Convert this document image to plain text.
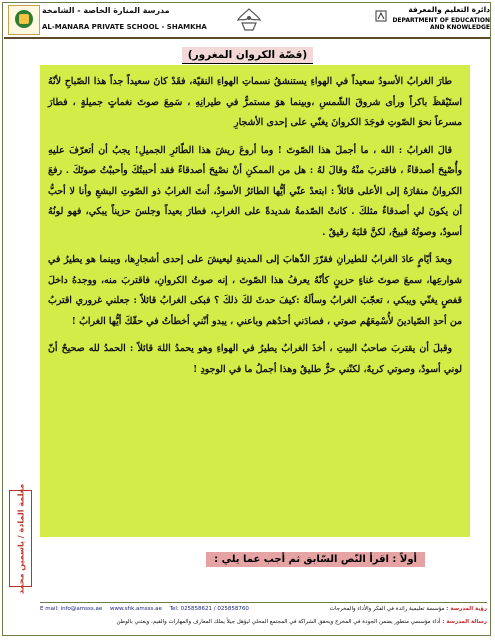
مدرسة المنارة الخاصة - الشامخة
AL-MANARA PRIVATE SCHOOL - SHAMKHA
دائرة التعليم والمعرفة
DEPARTMENT OF EDUCATION
AND KNOWLEDGE
(قصّة الكروان المغرور)

طارَ الغرابُ الأسودُ سعيداً في الهواءِ يستنشقُ نسماتِ الهواءِ النقيّة، فقَدْ كانَ سعيداً جداً هذا الصّباحِ لأنّهُ استَيْقظَ باكراً ورأى شروقَ الشّمسِ ،وبينما هوَ مستمرٌّ في طيرانِهِ ، سَمِعَ صوتَ نغماتٍ جميلةٍ ، فطارَ مسرعاً نحوَ الصّوتِ فوجَدَ الكروانَ يغنّي على إحدى الأشجارِ

قالَ الغرابُ : الله ، ما أجملَ هذا الصّوتَ ! وما أروعَ ريشَ هذا الطّائرِ الجميلِ! يجبُ أن أتعرّفَ عليهِ وأُصْبِحَ أصدقاءً ، فاقتربَ منْهُ وقالَ لهُ : هل من الممكنِ أنْ نصْبِحَ أصدقاءً فقد أحببتُكَ وأحببْتُ صوتَكَ . رفعَ الكروانُ منقارَهُ إلى الأعلى قائلاً : ابتعدْ عنّي أيُّها الطائرُ الأسودُ، أنتَ الغرابُ ذو الصّوتِ البشعِ وأنا لا أحبُّ أن يكونَ لي أصدقاءٌ مثلكَ . كانتْ الصّدمةُ شديدةً على الغرابِ، فطارَ بعيداً وجلسَ حزيناً يبكي، فهو لونُهُ أسودٌ، وصوتُهُ قبيحٌ، لكنَّ قلبَهُ رقيقٌ .

وبعدَ أيّامٍ عادَ الغرابُ للطيرانِ فقرّرَ الذّهابَ إلى المدينةِ ليعيشَ على إحدى أشجارِها، وبينما هو يطيرُ في شوارعِها، سمعَ صوتَ غناءٍ حزينٍ كأنّهُ يعرفُ هذا الصّوتَ ، إنه صوتُ الكروانِ، فاقتربَ منه، ووجدهُ داخلَ قفصٍ يغنّي ويبكي ، تعجّبَ الغرابُ وسألَهُ :كيفَ حدثَ لكَ ذلكَ ؟ فبكى الغرابُ قائلاً : جعلني غروري اقتربُ من أحدِ الصّيادينَ لأُسْمِعَهُم صوتي ، فصادَني أحدُهم وباعني ، يبدو أنّني أخطأتُ في حقّكَ أيُّها الغرابُ !

وقبلَ أن يقتربَ صاحبُ البيتِ ، أخذَ الغرابُ يطيرُ في الهواءِ وهو يحمدُ اللهَ قائلاً : الحمدُ لله صحيحٌ أنّ لوني أسودٌ، وصوتي كريهٌ، لكنّني حرٌّ طليقٌ وهذا أجملُ ما في الوجودِ !

معلمة المادة / ياسمين محمد	أولاً : اقرأ النّص السّابق ثم أجب عما يلي :
E mail: info@amsss.ae www.shk.amsss.ae Tel: 025858621 / 025858760	رؤية المدرسة : مؤسسة تعليمية رائدة في الفكر والأداء والمخرجات
رسالة المدرسة : أداء مؤسسي متطور يضمن الجودة في المخرج ويحقق الشراكة في المجتمع المحلي ليؤهل جيلاً يملك المعارف والمهارات والقيم، ويعتني بالوطن
